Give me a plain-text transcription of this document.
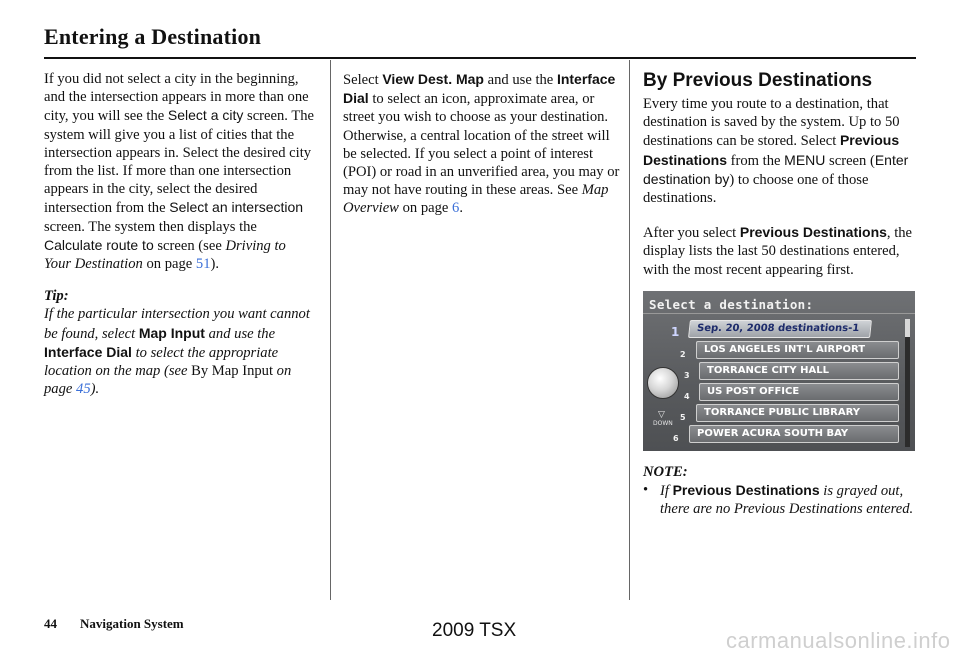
Entering a Destination

If you did not select a city in the beginning, and the intersection appears in more than one city, you will see the Select a city screen. The system will give you a list of cities that the intersection appears in. Select the desired city from the list. If more than one intersection appears in the city, select the desired intersection from the Select an intersection screen. The system then displays the Calculate route to screen (see Driving to Your Destination on page 51).

Tip:

If the particular intersection you want cannot be found, select Map Input and use the Interface Dial to select the appropriate location on the map (see By Map Input on page 45).

Select View Dest. Map and use the Interface Dial to select an icon, approximate area, or street you wish to choose as your destination. Otherwise, a central location of the street will be selected. If you select a point of interest (POI) or road in an unverified area, you may or may not have routing in these areas. See Map Overview on page 6.

By Previous Destinations

Every time you route to a destination, that destination is saved by the system. Up to 50 destinations can be stored. Select Previous Destinations from the MENU screen (Enter destination by) to choose one of those destinations.

After you select Previous Destinations, the display lists the last 50 destinations entered, with the most recent appearing first.

Select a destination:
▽
DOWN
1	Sep. 20, 2008 destinations-1
2	LOS ANGELES INT'L AIRPORT
3	TORRANCE CITY HALL
4	US POST OFFICE
5	TORRANCE PUBLIC LIBRARY
6	POWER ACURA SOUTH BAY

NOTE:

• If Previous Destinations is grayed out, there are no Previous Destinations entered.
44 Navigation System	2009 TSX	carmanualsonline.info
